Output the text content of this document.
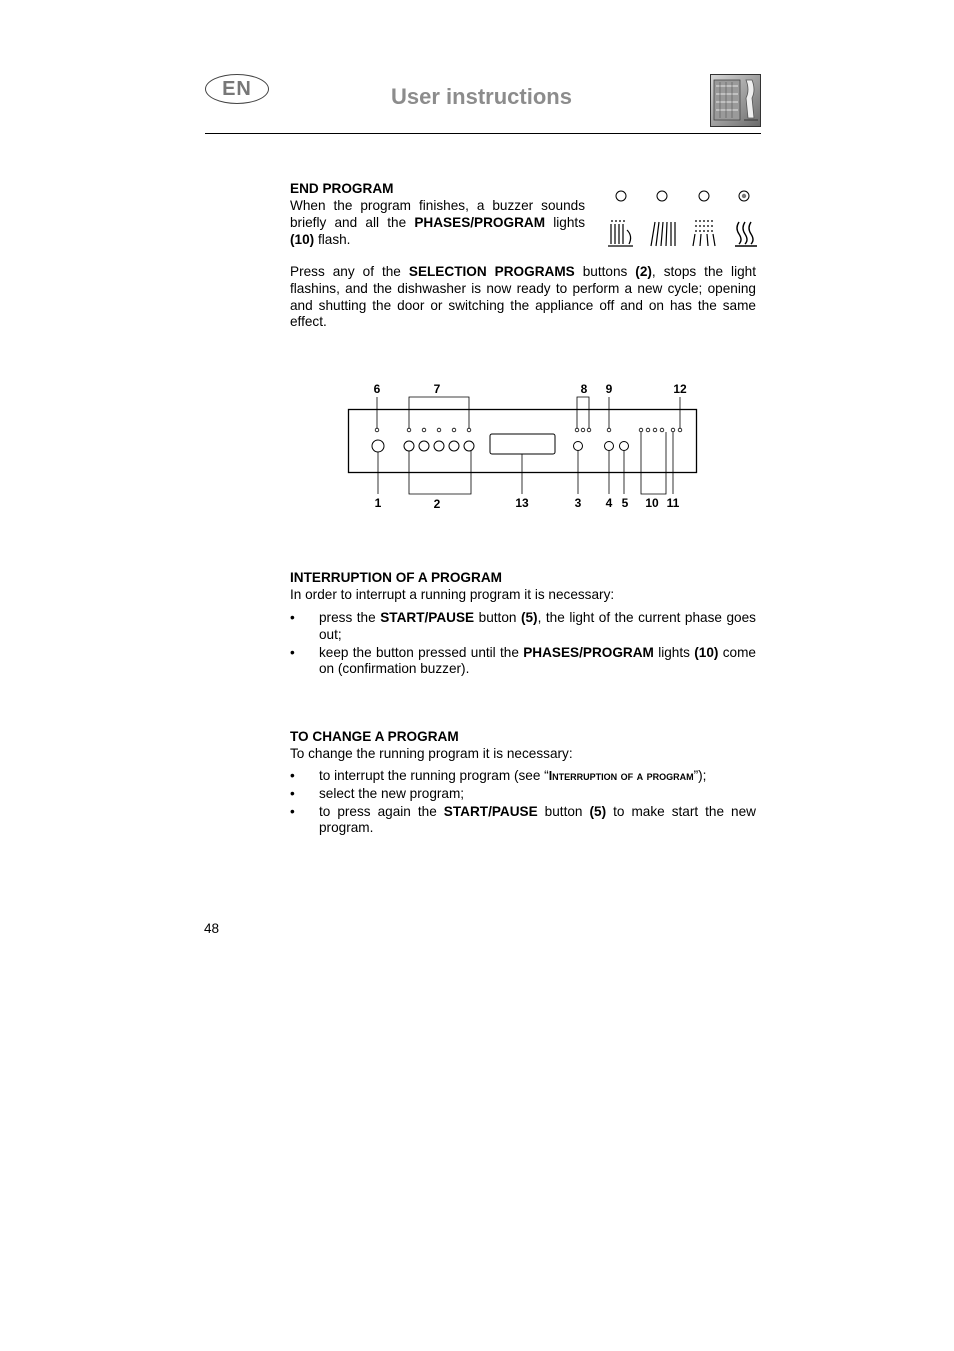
EN	User instructions
END PROGRAM
When the program finishes, a buzzer sounds briefly and all the PHASES/PROGRAM lights (10) flash.
Press any of the SELECTION PROGRAMS buttons (2), stops the light flashins, and the dishwasher is now ready to perform a new cycle; opening and shutting the door or switching the appliance off and on has the same effect.
6	7	8 9	12
1	2	13	3 4 5 10 11
INTERRUPTION OF A PROGRAM
In order to interrupt a running program it is necessary:
• press the START/PAUSE button (5), the light of the current phase goes out;
• keep the button pressed until the PHASES/PROGRAM lights (10) come on (confirmation buzzer).
TO CHANGE A PROGRAM
To change the running program it is necessary:
• to interrupt the running program (see “Interruption of a program”);
• select the new program;
• to press again the START/PAUSE button (5) to make start the new program.
48
